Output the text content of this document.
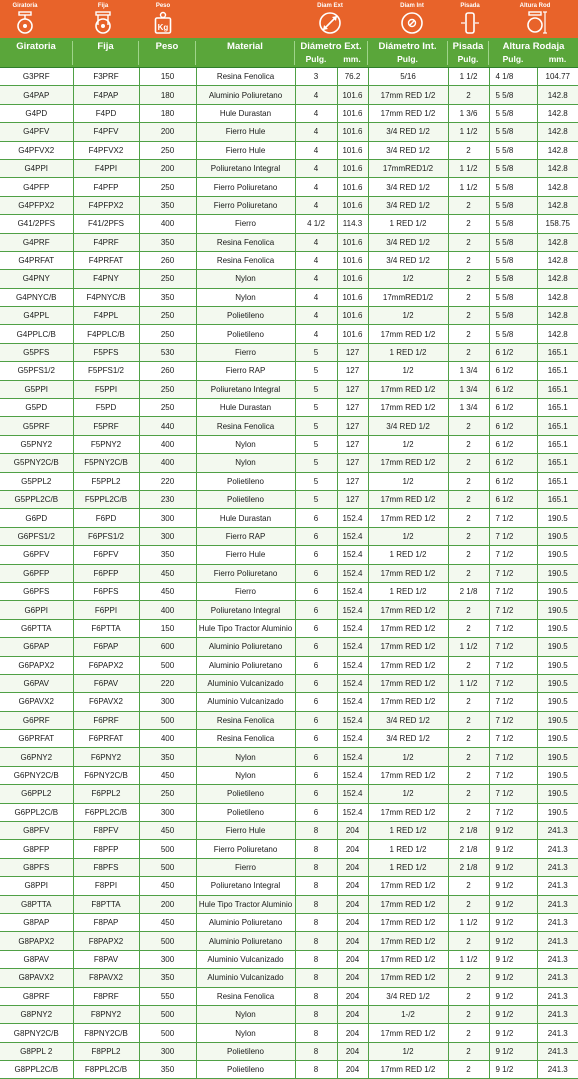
Giratoria	Fija	Peso
Kg
Diam Ext	Diam Int	Pisada	Altura Rod
Giratoria	Fija	Peso	Material	Diámetro Ext.
Pulg.	mm.
Diámetro Int.
Pulg.
Pisada
Pulg.
Altura Rodaja
Pulg.	mm.
G3PRF	F3PRF	150	Resina Fenolica	3	76.2	5/16	1 1/2	4 1/8	104.77
G4PAP	F4PAP	180	Aluminio Poliuretano	4	101.6	17mm RED 1/2	2	5 5/8	142.8
G4PD	F4PD	180	Hule Durastan	4	101.6	17mm RED 1/2	1 3/6	5 5/8	142.8
G4PFV	F4PFV	200	Fierro Hule	4	101.6	3/4 RED 1/2	1 1/2	5 5/8	142.8
G4PFVX2	F4PFVX2	250	Fierro Hule	4	101.6	3/4 RED 1/2	2	5 5/8	142.8
G4PPI	F4PPI	200	Poliuretano Integral	4	101.6	17mmRED1/2	1 1/2	5 5/8	142.8
G4PFP	F4PFP	250	Fierro Poliuretano	4	101.6	3/4 RED 1/2	1 1/2	5 5/8	142.8
G4PFPX2	F4PFPX2	350	Fierro Poliuretano	4	101.6	3/4 RED 1/2	2	5 5/8	142.8
G41/2PFS	F41/2PFS	400	Fierro	4 1/2	114.3	1 RED 1/2	2	5 5/8	158.75
G4PRF	F4PRF	350	Resina Fenolica	4	101.6	3/4 RED 1/2	2	5 5/8	142.8
G4PRFAT	F4PRFAT	260	Resina Fenolica	4	101.6	3/4 RED 1/2	2	5 5/8	142.8
G4PNY	F4PNY	250	Nylon	4	101.6	1/2	2	5 5/8	142.8
G4PNYC/B	F4PNYC/B	350	Nylon	4	101.6	17mmRED1/2	2	5 5/8	142.8
G4PPL	F4PPL	250	Polietileno	4	101.6	1/2	2	5 5/8	142.8
G4PPLC/B	F4PPLC/B	250	Polietileno	4	101.6	17mm RED 1/2	2	5 5/8	142.8
G5PFS	F5PFS	530	Fierro	5	127	1 RED 1/2	2	6 1/2	165.1
G5PFS1/2	F5PFS1/2	260	Fierro RAP	5	127	1/2	1 3/4	6 1/2	165.1
G5PPI	F5PPI	250	Poliuretano Integral	5	127	17mm RED 1/2	1 3/4	6 1/2	165.1
G5PD	F5PD	250	Hule Durastan	5	127	17mm RED 1/2	1 3/4	6 1/2	165.1
G5PRF	F5PRF	440	Resina Fenolica	5	127	3/4 RED 1/2	2	6 1/2	165.1
G5PNY2	F5PNY2	400	Nylon	5	127	1/2	2	6 1/2	165.1
G5PNY2C/B	F5PNY2C/B	400	Nylon	5	127	17mm RED 1/2	2	6 1/2	165.1
G5PPL2	F5PPL2	220	Polietileno	5	127	1/2	2	6 1/2	165.1
G5PPL2C/B	F5PPL2C/B	230	Polietileno	5	127	17mm RED 1/2	2	6 1/2	165.1
G6PD	F6PD	300	Hule Durastan	6	152.4	17mm RED 1/2	2	7 1/2	190.5
G6PFS1/2	F6PFS1/2	300	Fierro RAP	6	152.4	1/2	2	7 1/2	190.5
G6PFV	F6PFV	350	Fierro Hule	6	152.4	1 RED 1/2	2	7 1/2	190.5
G6PFP	F6PFP	450	Fierro Poliuretano	6	152.4	17mm RED 1/2	2	7 1/2	190.5
G6PFS	F6PFS	450	Fierro	6	152.4	1 RED 1/2	2 1/8	7 1/2	190.5
G6PPI	F6PPI	400	Poliuretano Integral	6	152.4	17mm RED 1/2	2	7 1/2	190.5
G6PTTA	F6PTTA	150	Hule Tipo Tractor Aluminio	6	152.4	17mm RED 1/2	2	7 1/2	190.5
G6PAP	F6PAP	600	Aluminio Poliuretano	6	152.4	17mm RED 1/2	1 1/2	7 1/2	190.5
G6PAPX2	F6PAPX2	500	Aluminio Poliuretano	6	152.4	17mm RED 1/2	2	7 1/2	190.5
G6PAV	F6PAV	220	Aluminio Vulcanizado	6	152.4	17mm RED 1/2	1 1/2	7 1/2	190.5
G6PAVX2	F6PAVX2	300	Aluminio Vulcanizado	6	152.4	17mm RED 1/2	2	7 1/2	190.5
G6PRF	F6PRF	500	Resina Fenolica	6	152.4	3/4 RED 1/2	2	7 1/2	190.5
G6PRFAT	F6PRFAT	400	Resina Fenolica	6	152.4	3/4 RED 1/2	2	7 1/2	190.5
G6PNY2	F6PNY2	350	Nylon	6	152.4	1/2	2	7 1/2	190.5
G6PNY2C/B	F6PNY2C/B	450	Nylon	6	152.4	17mm RED 1/2	2	7 1/2	190.5
G6PPL2	F6PPL2	250	Polietileno	6	152.4	1/2	2	7 1/2	190.5
G6PPL2C/B	F6PPL2C/B	300	Polietileno	6	152.4	17mm RED 1/2	2	7 1/2	190.5
G8PFV	F8PFV	450	Fierro Hule	8	204	1 RED 1/2	2 1/8	9 1/2	241.3
G8PFP	F8PFP	500	Fierro Poliuretano	8	204	1 RED 1/2	2 1/8	9 1/2	241.3
G8PFS	F8PFS	500	Fierro	8	204	1 RED 1/2	2 1/8	9 1/2	241.3
G8PPI	F8PPI	450	Poliuretano Integral	8	204	17mm RED 1/2	2	9 1/2	241.3
G8PTTA	F8PTTA	200	Hule Tipo Tractor Aluminio	8	204	17mm RED 1/2	2	9 1/2	241.3
G8PAP	F8PAP	450	Aluminio Poliuretano	8	204	17mm RED 1/2	1 1/2	9 1/2	241.3
G8PAPX2	F8PAPX2	500	Aluminio Poliuretano	8	204	17mm RED 1/2	2	9 1/2	241.3
G8PAV	F8PAV	300	Aluminio Vulcanizado	8	204	17mm RED 1/2	1 1/2	9 1/2	241.3
G8PAVX2	F8PAVX2	350	Aluminio Vulcanizado	8	204	17mm RED 1/2	2	9 1/2	241.3
G8PRF	F8PRF	550	Resina Fenolica	8	204	3/4 RED 1/2	2	9 1/2	241.3
G8PNY2	F8PNY2	500	Nylon	8	204	1-/2	2	9 1/2	241.3
G8PNY2C/B	F8PNY2C/B	500	Nylon	8	204	17mm RED 1/2	2	9 1/2	241.3
G8PPL 2	F8PPL2	300	Polietileno	8	204	1/2	2	9 1/2	241.3
G8PPL2C/B	F8PPL2C/B	350	Polietileno	8	204	17mm RED 1/2	2	9 1/2	241.3
